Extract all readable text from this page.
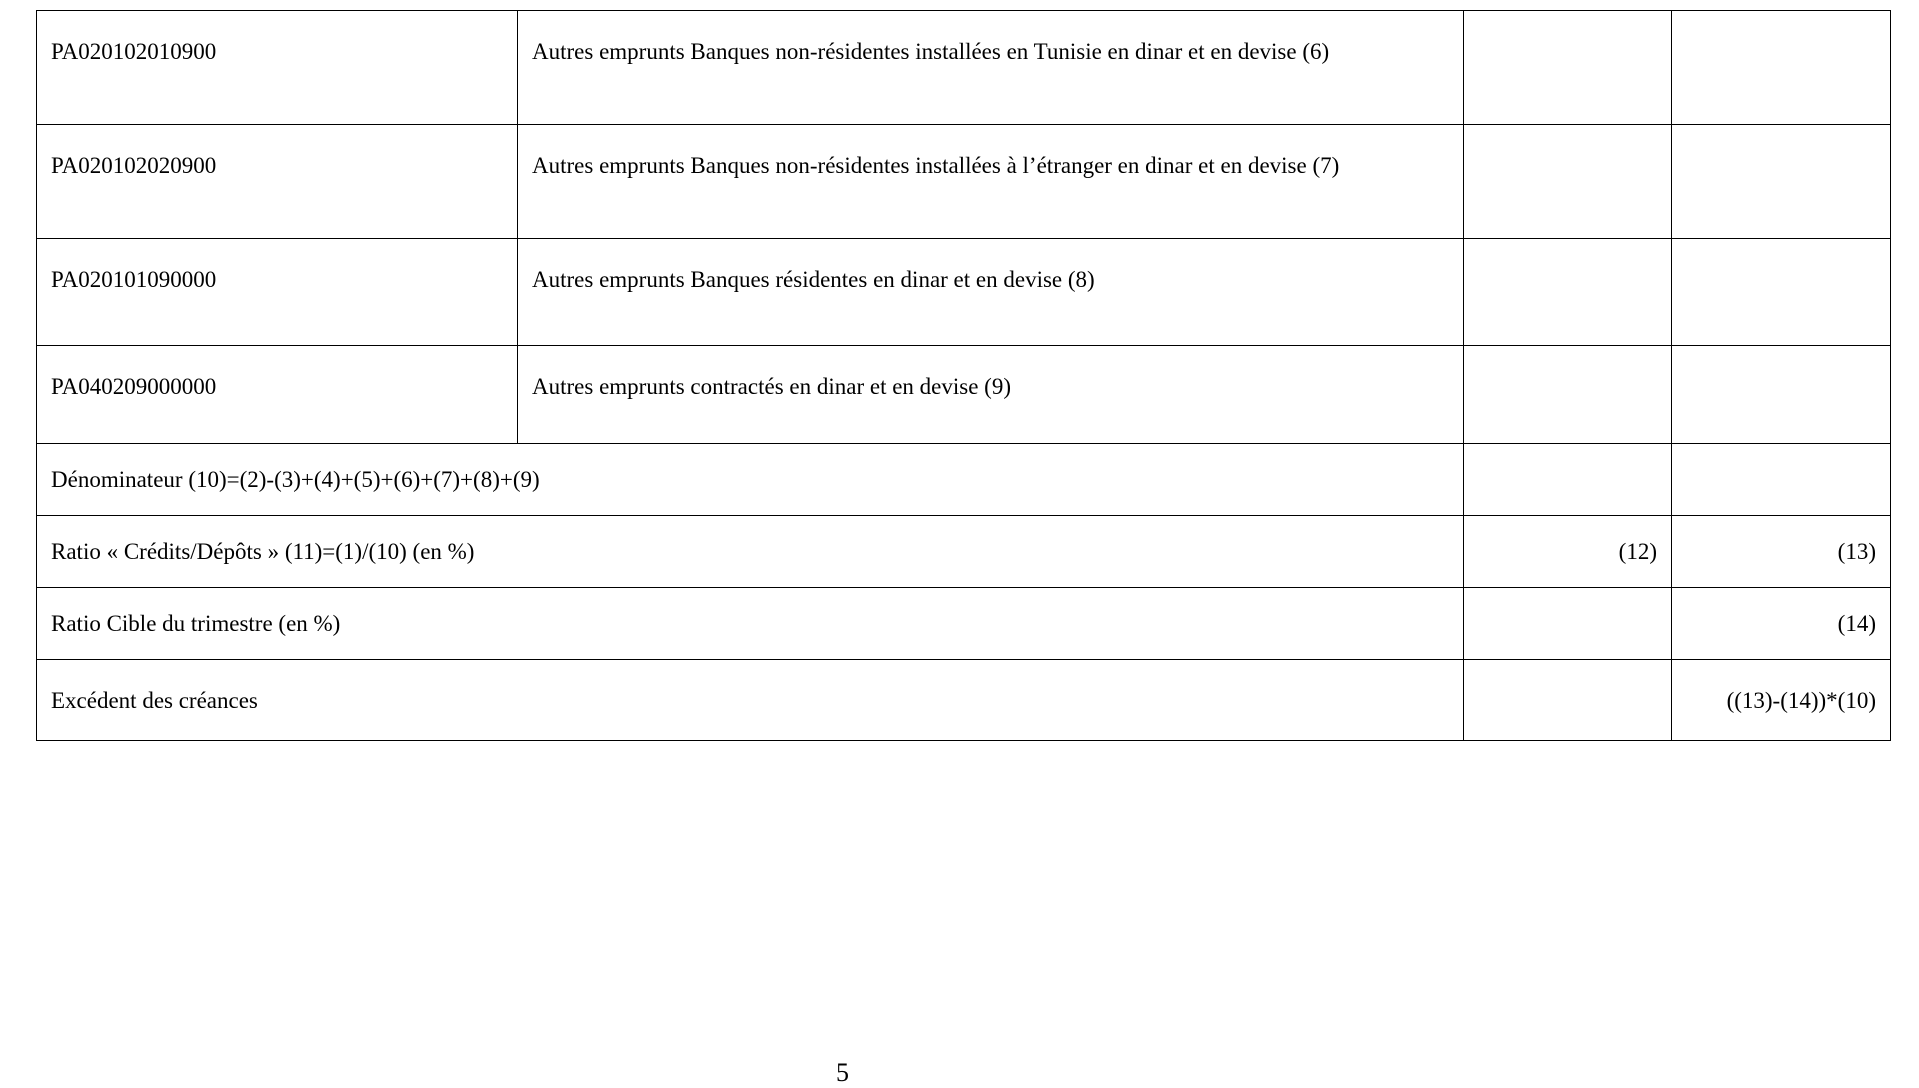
PA020102010900	Autres emprunts Banques non-résidentes installées en Tunisie en dinar et en devise (6)		
PA020102020900	Autres emprunts Banques non-résidentes installées à l’étranger en dinar et en devise (7)		
PA020101090000	Autres emprunts Banques résidentes en dinar et en devise (8)		
PA040209000000	Autres emprunts contractés en dinar et en devise (9)		
Dénominateur (10)=(2)-(3)+(4)+(5)+(6)+(7)+(8)+(9)			
Ratio « Crédits/Dépôts » (11)=(1)/(10) (en %)		(12)	(13)
Ratio Cible du trimestre (en %)			(14)
Excédent des créances			((13)-(14))*(10)
5
